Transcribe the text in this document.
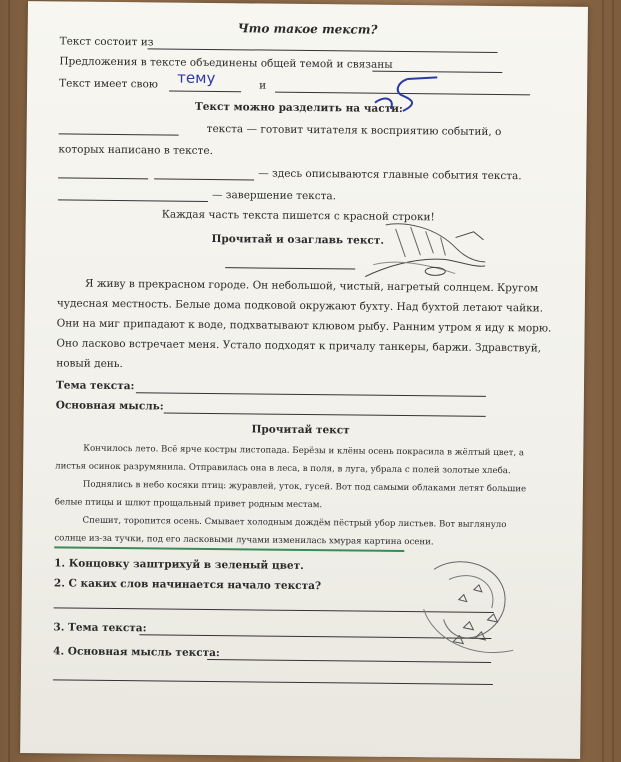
Что такое текст?
Текст состоит из
Предложения в тексте объединены общей темой и связаны
Текст имеет свою тему	и
Текст можно разделить на части:
текста — готовит читателя к восприятию событий, о
которых написано в тексте.
— здесь описываются главные события текста.
— завершение текста.
Каждая часть текста пишется с красной строки!
Прочитай и озаглавь текст.
Я живу в прекрасном городе. Он небольшой, чистый, нагретый солнцем. Кругом
чудесная местность. Белые дома подковой окружают бухту. Над бухтой летают чайки.
Они на миг припадают к воде, подхватывают клювом рыбу. Ранним утром я иду к морю.
Оно ласково встречает меня. Устало подходят к причалу танкеры, баржи. Здравствуй,
новый день.
Тема текста:
Основная мысль:
Прочитай текст
Кончилось лето. Всё ярче костры листопада. Берёзы и клёны осень покрасила в жёлтый цвет, а
листья осинок разрумянила. Отправилась она в леса, в поля, в луга, убрала с полей золотые хлеба.
Поднялись в небо косяки птиц: журавлей, уток, гусей. Вот под самыми облаками летят большие
белые птицы и шлют прощальный привет родным местам.
Спешит, торопится осень. Смывает холодным дождём пёстрый убор листьев. Вот выглянуло
солнце из-за тучки, под его ласковыми лучами изменилась хмурая картина осени.
1. Концовку заштрихуй в зеленый цвет.
2. С каких слов начинается начало текста?
3. Тема текста:
4. Основная мысль текста:
